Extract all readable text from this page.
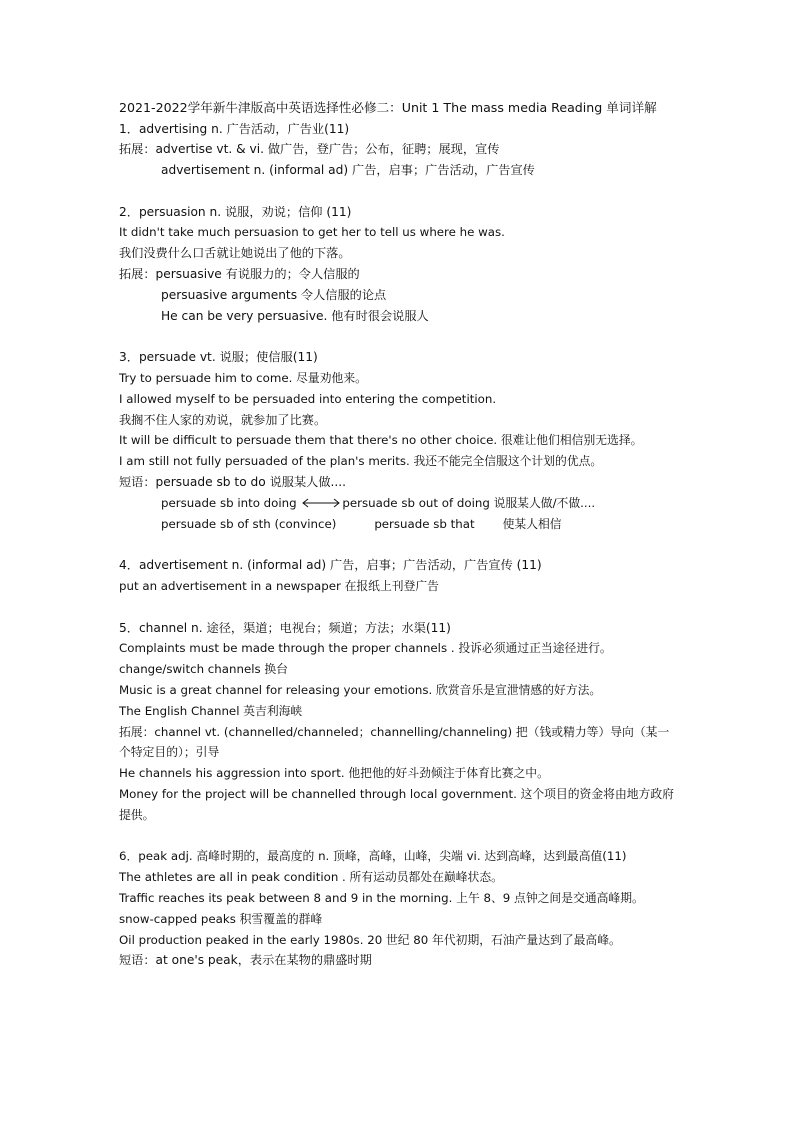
2021-2022学年新牛津版高中英语选择性必修二：Unit 1 The mass media Reading 单词详解

1．advertising n. 广告活动，广告业(11)
拓展：advertise vt. & vi. 做广告，登广告；公布，征聘；展现，宣传
advertisement n. (informal ad) 广告，启事；广告活动，广告宣传
2．persuasion n. 说服，劝说；信仰 (11)
It didn't take much persuasion to get her to tell us where he was.
我们没费什么口舌就让她说出了他的下落。
拓展：persuasive 有说服力的；令人信服的
persuasive arguments 令人信服的论点
He can be very persuasive. 他有时很会说服人
3．persuade vt. 说服；使信服(11)
Try to persuade him to come. 尽量劝他来。
I allowed myself to be persuaded into entering the competition.
我搁不住人家的劝说，就参加了比赛。
It will be difficult to persuade them that there's no other choice. 很难让他们相信别无选择。
I am still not fully persuaded of the plan's merits. 我还不能完全信服这个计划的优点。
短语：persuade sb to do 说服某人做....
persuade sb into doing	persuade sb out of doing 说服某人做/不做....
persuade sb of sth (convince)	persuade sb that 使某人相信
4．advertisement n. (informal ad) 广告，启事；广告活动，广告宣传 (11)
put an advertisement in a newspaper 在报纸上刊登广告
5．channel n. 途径，渠道；电视台；频道；方法；水渠(11)
Complaints must be made through the proper channels . 投诉必须通过正当途径进行。
change/switch channels 换台
Music is a great channel for releasing your emotions. 欣赏音乐是宣泄情感的好方法。
The English Channel 英吉利海峡
拓展：channel vt. (channelled/channeled；channelling/channeling) 把（钱或精力等）导向（某一个特定目的）；引导
He channels his aggression into sport. 他把他的好斗劲倾注于体育比赛之中。
Money for the project will be channelled through local government. 这个项目的资金将由地方政府提供。
6．peak adj. 高峰时期的，最高度的 n. 顶峰，高峰，山峰，尖端 vi. 达到高峰，达到最高值(11)
The athletes are all in peak condition . 所有运动员都处在巅峰状态。
Traffic reaches its peak between 8 and 9 in the morning. 上午 8、9 点钟之间是交通高峰期。
snow-capped peaks 积雪覆盖的群峰
Oil production peaked in the early 1980s. 20 世纪 80 年代初期，石油产量达到了最高峰。
短语：at one's peak，表示在某物的鼎盛时期
